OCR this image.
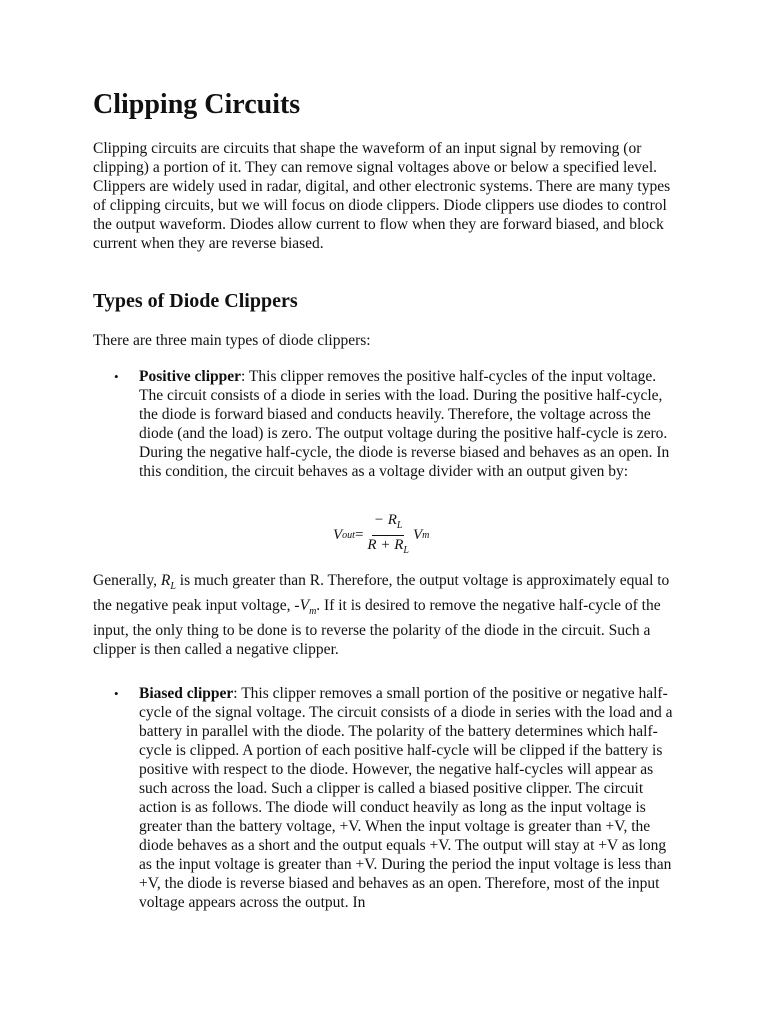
Clipping Circuits

Clipping circuits are circuits that shape the waveform of an input signal by removing (or clipping) a portion of it. They can remove signal voltages above or below a specified level. Clippers are widely used in radar, digital, and other electronic systems. There are many types of clipping circuits, but we will focus on diode clippers. Diode clippers use diodes to control the output waveform. Diodes allow current to flow when they are forward biased, and block current when they are reverse biased.

Types of Diode Clippers

There are three main types of diode clippers:

• Positive clipper: This clipper removes the positive half-cycles of the input voltage. The circuit consists of a diode in series with the load. During the positive half-cycle, the diode is forward biased and conducts heavily. Therefore, the voltage across the diode (and the load) is zero. The output voltage during the positive half-cycle is zero. During the negative half-cycle, the diode is reverse biased and behaves as an open. In this condition, the circuit behaves as a voltage divider with an output given by:

V out = $\frac{- R_L}{R + R_L}$ V m

Generally, $R_L$ is much greater than R. Therefore, the output voltage is approximately equal to the negative peak input voltage, $-V_m$. If it is desired to remove the negative half-cycle of the input, the only thing to be done is to reverse the polarity of the diode in the circuit. Such a clipper is then called a negative clipper.

• Biased clipper: This clipper removes a small portion of the positive or negative half-cycle of the signal voltage. The circuit consists of a diode in series with the load and a battery in parallel with the diode. The polarity of the battery determines which half-cycle is clipped. A portion of each positive half-cycle will be clipped if the battery is positive with respect to the diode. However, the negative half-cycles will appear as such across the load. Such a clipper is called a biased positive clipper. The circuit action is as follows. The diode will conduct heavily as long as the input voltage is greater than the battery voltage, +V. When the input voltage is greater than +V, the diode behaves as a short and the output equals +V. The output will stay at +V as long as the input voltage is greater than +V. During the period the input voltage is less than +V, the diode is reverse biased and behaves as an open. Therefore, most of the input voltage appears across the output. In
